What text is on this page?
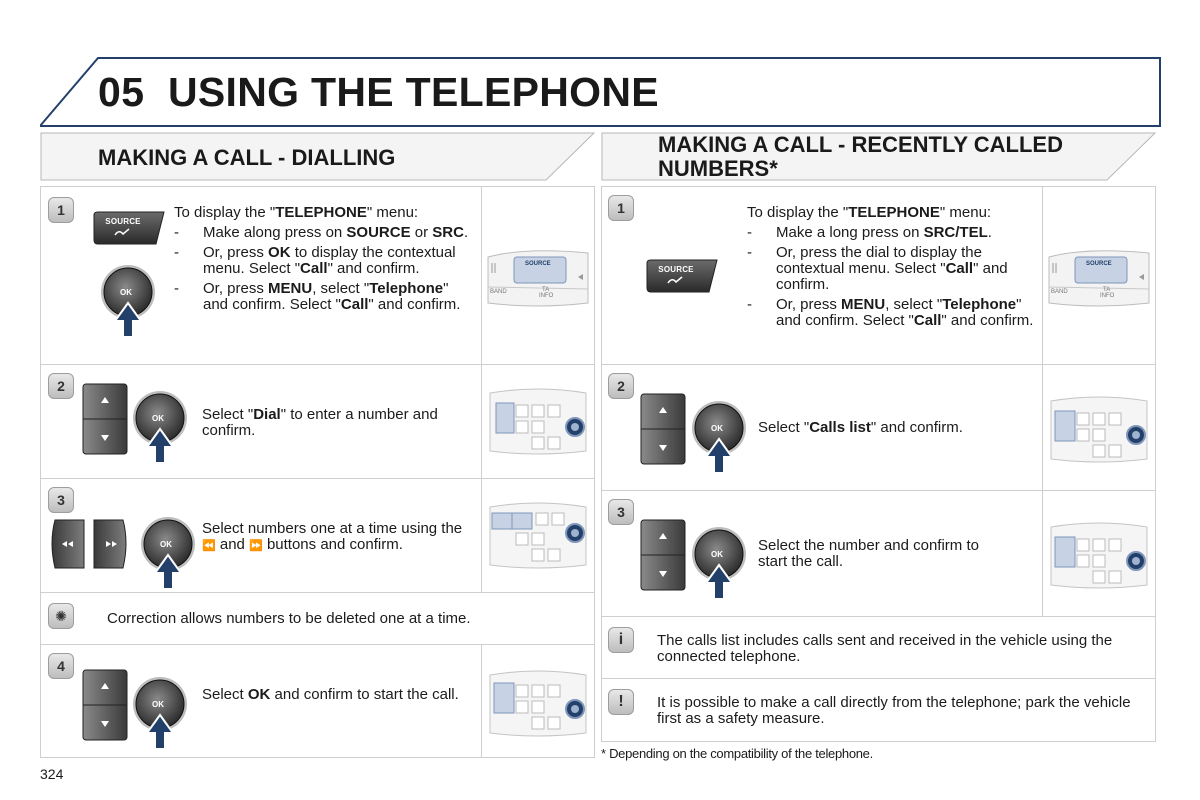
05 USING THE TELEPHONE
MAKING A CALL - DIALLING
MAKING A CALL - RECENTLY CALLED
NUMBERS*
1
SOURCE
OK
To display the "TELEPHONE" menu:
- Make along press on SOURCE or SRC.
- Or, press OK to display the contextual menu. Select "Call" and confirm.
- Or, press MENU, select "Telephone" and confirm. Select "Call" and confirm.
SOURCE
BAND	TA
INFO
2
OK	Select "Dial" to enter a number and confirm.
3
OK
Select numbers one at a time using the ⏪ and ⏩ buttons and confirm.
✺	Correction allows numbers to be deleted one at a time.
4
OK
Select OK and confirm to start the call.
1
SOURCE
To display the "TELEPHONE" menu:
- Make a long press on SRC/TEL.
- Or, press the dial to display the contextual menu. Select "Call" and confirm.
- Or, press MENU, select "Telephone" and confirm. Select "Call" and confirm.
SOURCE
BAND	TA
INFO
2
OK	Select "Calls list" and confirm.
3
OK
Select the number and confirm to start the call.
i	The calls list includes calls sent and received in the vehicle using the connected telephone.
!	It is possible to make a call directly from the telephone; park the vehicle first as a safety measure.
* Depending on the compatibility of the telephone.
324
